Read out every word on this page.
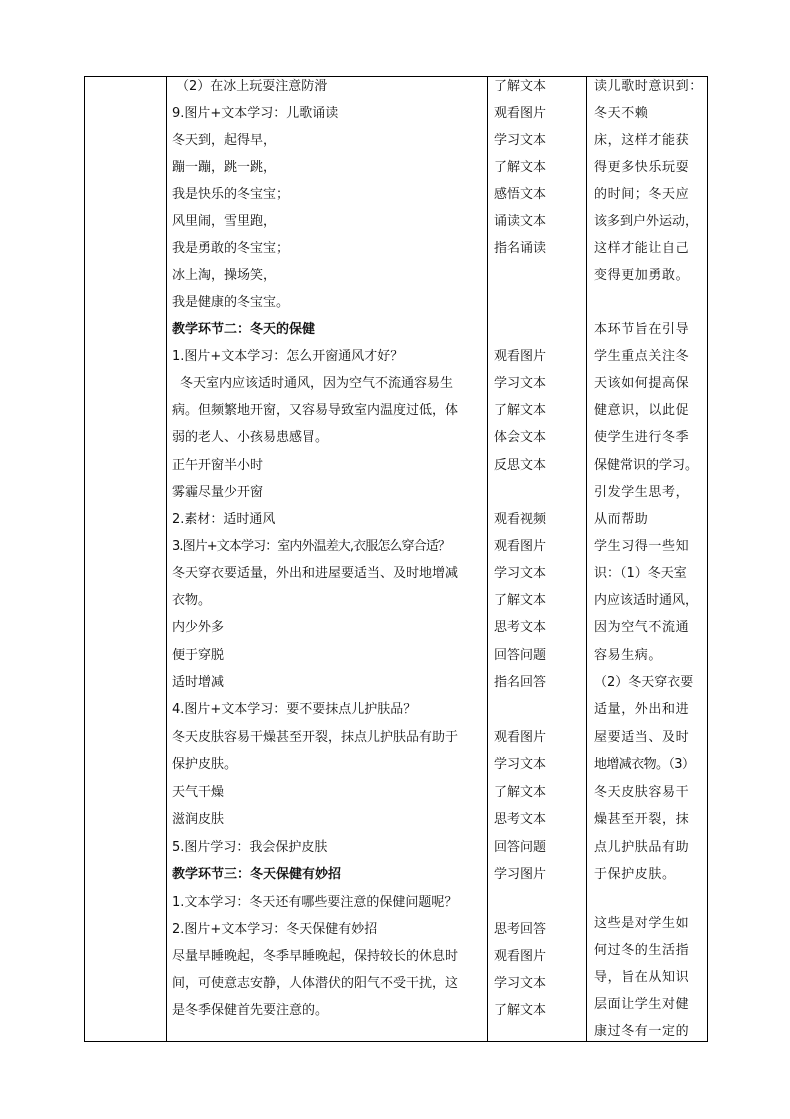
（2）在冰上玩耍注意防滑
9.图片+文本学习：儿歌诵读
冬天到，起得早，
蹦一蹦，跳一跳，
我是快乐的冬宝宝；
风里闹，雪里跑，
我是勇敢的冬宝宝；
冰上淘，操场笑，
我是健康的冬宝宝。
教学环节二：冬天的保健
1.图片+文本学习：怎么开窗通风才好？
冬天室内应该适时通风，因为空气不流通容易生
病。但频繁地开窗，又容易导致室内温度过低，体
弱的老人、小孩易患感冒。
正午开窗半小时
雾霾尽量少开窗
2.素材：适时通风
3.图片+文本学习：室内外温差大,衣服怎么穿合适？
冬天穿衣要适量，外出和进屋要适当、及时地增减
衣物。
内少外多
便于穿脱
适时增减
4.图片+文本学习：要不要抹点儿护肤品？
冬天皮肤容易干燥甚至开裂，抹点儿护肤品有助于
保护皮肤。
天气干燥
滋润皮肤
5.图片学习：我会保护皮肤
教学环节三：冬天保健有妙招
1.文本学习：冬天还有哪些要注意的保健问题呢？
2.图片+文本学习：冬天保健有妙招
尽量早睡晚起，冬季早睡晚起，保持较长的休息时
间，可使意志安静，人体潜伏的阳气不受干扰，这
是冬季保健首先要注意的。
了解文本
观看图片
学习文本
了解文本
感悟文本
诵读文本
指名诵读
观看图片
学习文本
了解文本
体会文本
反思文本
观看视频
观看图片
学习文本
了解文本
思考文本
回答问题
指名回答
观看图片
学习文本
了解文本
思考文本
回答问题
学习图片
思考回答
观看图片
学习文本
了解文本
读儿歌时意识到：
冬天不赖
床，这样才能获
得更多快乐玩耍
的时间；冬天应
该多到户外运动，
这样才能让自己
变得更加勇敢。
本环节旨在引导
学生重点关注冬
天该如何提高保
健意识，以此促
使学生进行冬季
保健常识的学习。
引发学生思考，
从而帮助
学生习得一些知
识：（1）冬天室
内应该适时通风，
因为空气不流通
容易生病。
（2）冬天穿衣要
适量，外出和进
屋要适当、及时
地增减衣物。（3）
冬天皮肤容易干
燥甚至开裂，抹
点儿护肤品有助
于保护皮肤。
这些是对学生如
何过冬的生活指
导，旨在从知识
层面让学生对健
康过冬有一定的
